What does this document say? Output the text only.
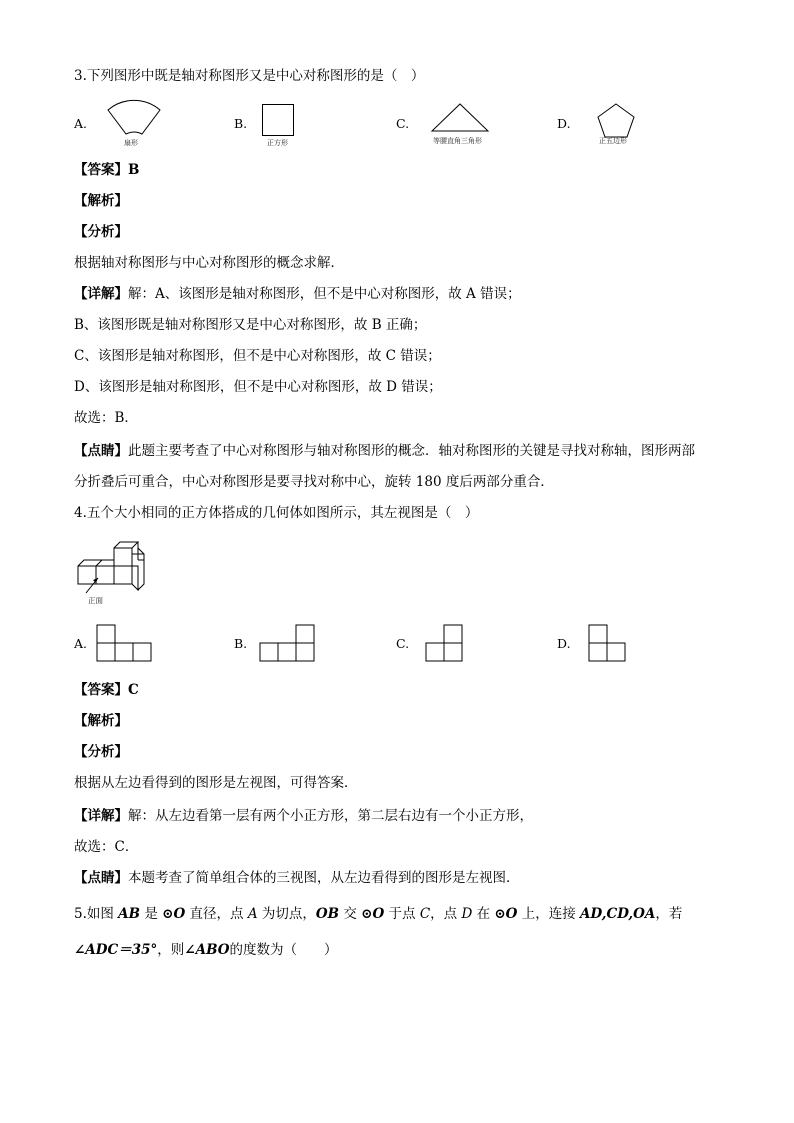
3.下列图形中既是轴对称图形又是中心对称图形的是（　）
A.
扇形
B.
正方形
C.
等腰直角三角形
D.
正五边形
【答案】B
【解析】
【分析】
根据轴对称图形与中心对称图形的概念求解．
【详解】解：A、该图形是轴对称图形，但不是中心对称图形，故 A 错误；
B、该图形既是轴对称图形又是中心对称图形，故 B 正确；
C、该图形是轴对称图形，但不是中心对称图形，故 C 错误；
D、该图形是轴对称图形，但不是中心对称图形，故 D 错误；
故选：B．
【点睛】此题主要考查了中心对称图形与轴对称图形的概念．轴对称图形的关键是寻找对称轴，图形两部
分折叠后可重合，中心对称图形是要寻找对称中心，旋转 180 度后两部分重合．
4.五个大小相同的正方体搭成的几何体如图所示，其左视图是（　）
正面
A.	B.	C.	D.
【答案】C
【解析】
【分析】
根据从左边看得到的图形是左视图，可得答案．
【详解】解：从左边看第一层有两个小正方形，第二层右边有一个小正方形，
故选：C．
【点睛】本题考查了简单组合体的三视图，从左边看得到的图形是左视图．
5.如图 AB 是 ⊙O 直径，点 A 为切点，OB 交 ⊙O 于点 C，点 D 在 ⊙O 上，连接 AD,CD,OA，若
∠ADC＝35°，则∠ABO的度数为（　　）
